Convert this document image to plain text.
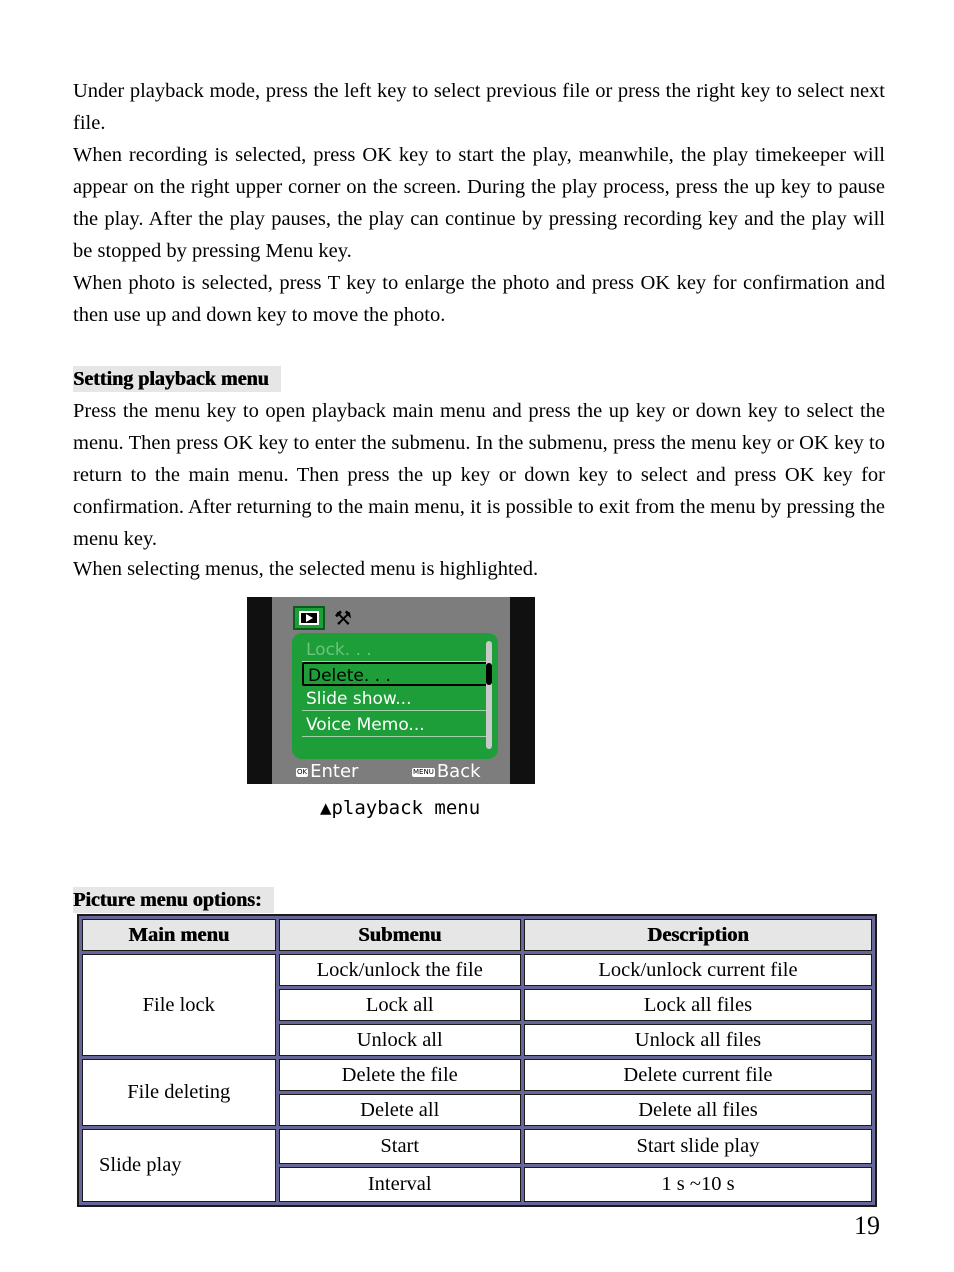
Under playback mode, press the left key to select previous file or press the right key to select next file.

When recording is selected, press OK key to start the play, meanwhile, the play timekeeper will appear on the right upper corner on the screen. During the play process, press the up key to pause the play. After the play pauses, the play can continue by pressing recording key and the play will be stopped by pressing Menu key.

When photo is selected, press T key to enlarge the photo and press OK key for confirmation and then use up and down key to move the photo.

Setting playback menu

Press the menu key to open playback main menu and press the up key or down key to select the menu. Then press OK key to enter the submenu. In the submenu, press the menu key or OK key to return to the main menu. Then press the up key or down key to select and press OK key for confirmation. After returning to the main menu, it is possible to exit from the menu by pressing the menu key.

When selecting menus, the selected menu is highlighted.

⚒
Lock. . .
Delete. . .
Slide show...
Voice Memo...
OK Enter	MENU Back
▲playback menu
Picture menu options:
Main menu	Submenu	Description
File lock	Lock/unlock the file	Lock/unlock current file
	Lock all	Lock all files
	Unlock all	Unlock all files
File deleting	Delete the file	Delete current file
	Delete all	Delete all files
Slide play	Start	Start slide play
	Interval	1 s ~10 s
19
